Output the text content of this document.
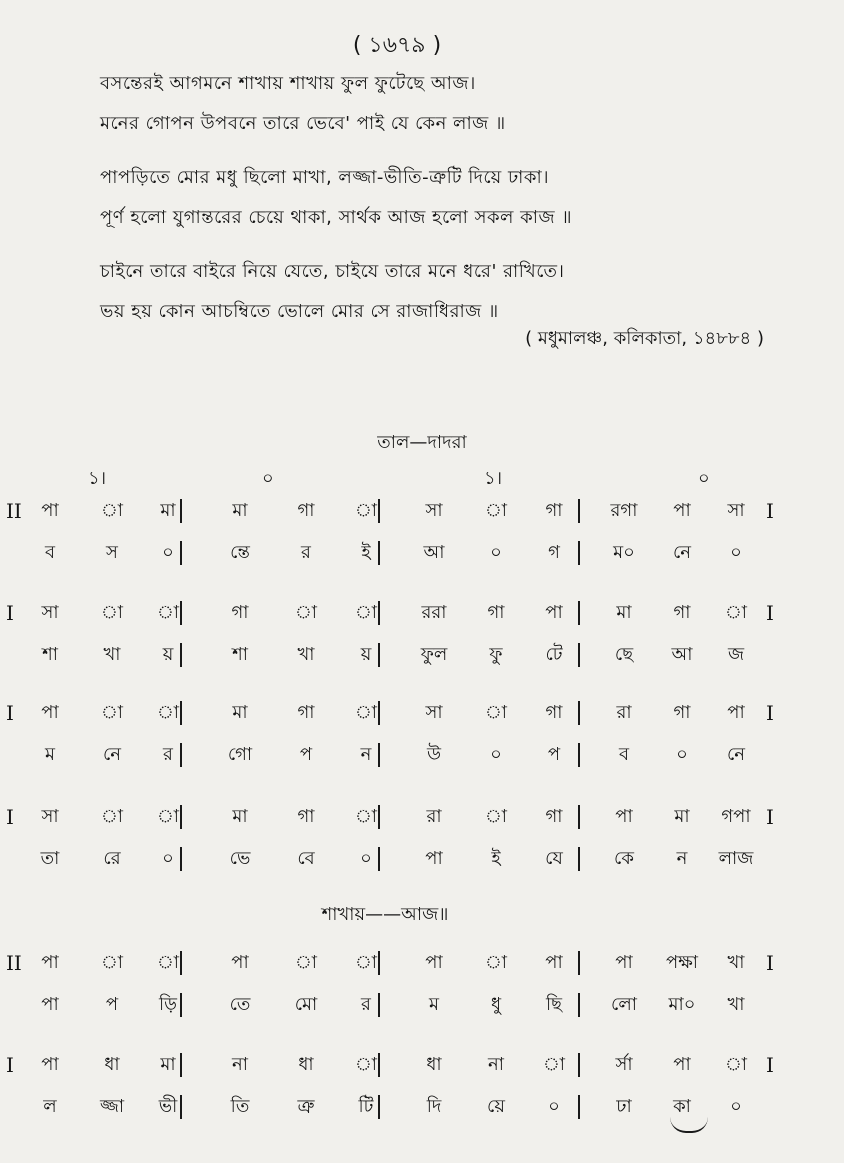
( ১৬৭৯ )
বসন্তেরই আগমনে শাখায় শাখায় ফুল ফুটেছে আজ।
মনের গোপন উপবনে তারে ভেবে' পাই যে কেন লাজ ॥
পাপড়িতে মোর মধু ছিলো মাখা, লজ্জা-ভীতি-ত্রুটি দিয়ে ঢাকা।
পূর্ণ হলো যুগান্তরের চেয়ে থাকা, সার্থক আজ হলো সকল কাজ ॥
চাইনে তারে বাইরে নিয়ে যেতে, চাইযে তারে মনে ধরে' রাখিতে।
ভয় হয় কোন আচম্বিতে ভোলে মোর সে রাজাধিরাজ ॥
( মধুমালঞ্চ, কলিকাতা, ১৪৮৮৪ )
তাল—দাদরা
১।	০	১।	০
শাখায়——আজ॥
II	I
পা	া	মা	মা	গা	া	সা	া	গা	রগা	পা	সা
ব	স	০	ন্তে	র	ই	আ	০	গ	ম০	নে	০
I	I
সা	া	া	গা	া	া	ররা	গা	পা	মা	গা	া
শা	খা	য়	শা	খা	য়	ফুল	ফু	টে	ছে	আ	জ
I	I
পা	া	া	মা	গা	া	সা	া	গা	রা	গা	পা
ম	নে	র	গো	প	ন	উ	০	প	ব	০	নে
I	I
সা	া	া	মা	গা	া	রা	া	গা	পা	মা	গপা
তা	রে	০	ভে	বে	০	পা	ই	যে	কে	ন	লাজ
II	I
পা	া	া	পা	া	া	পা	া	পা	পা	পক্ষা	খা
পা	প	ড়ি	তে	মো	র	ম	ধু	ছি	লো	মা০	খা
I	I
পা	ধা	মা	না	ধা	া	ধা	না	া	র্সা	পা	া
ল	জ্জা	ভী	তি	ত্রু	টি	দি	য়ে	০	ঢা	কা	০
